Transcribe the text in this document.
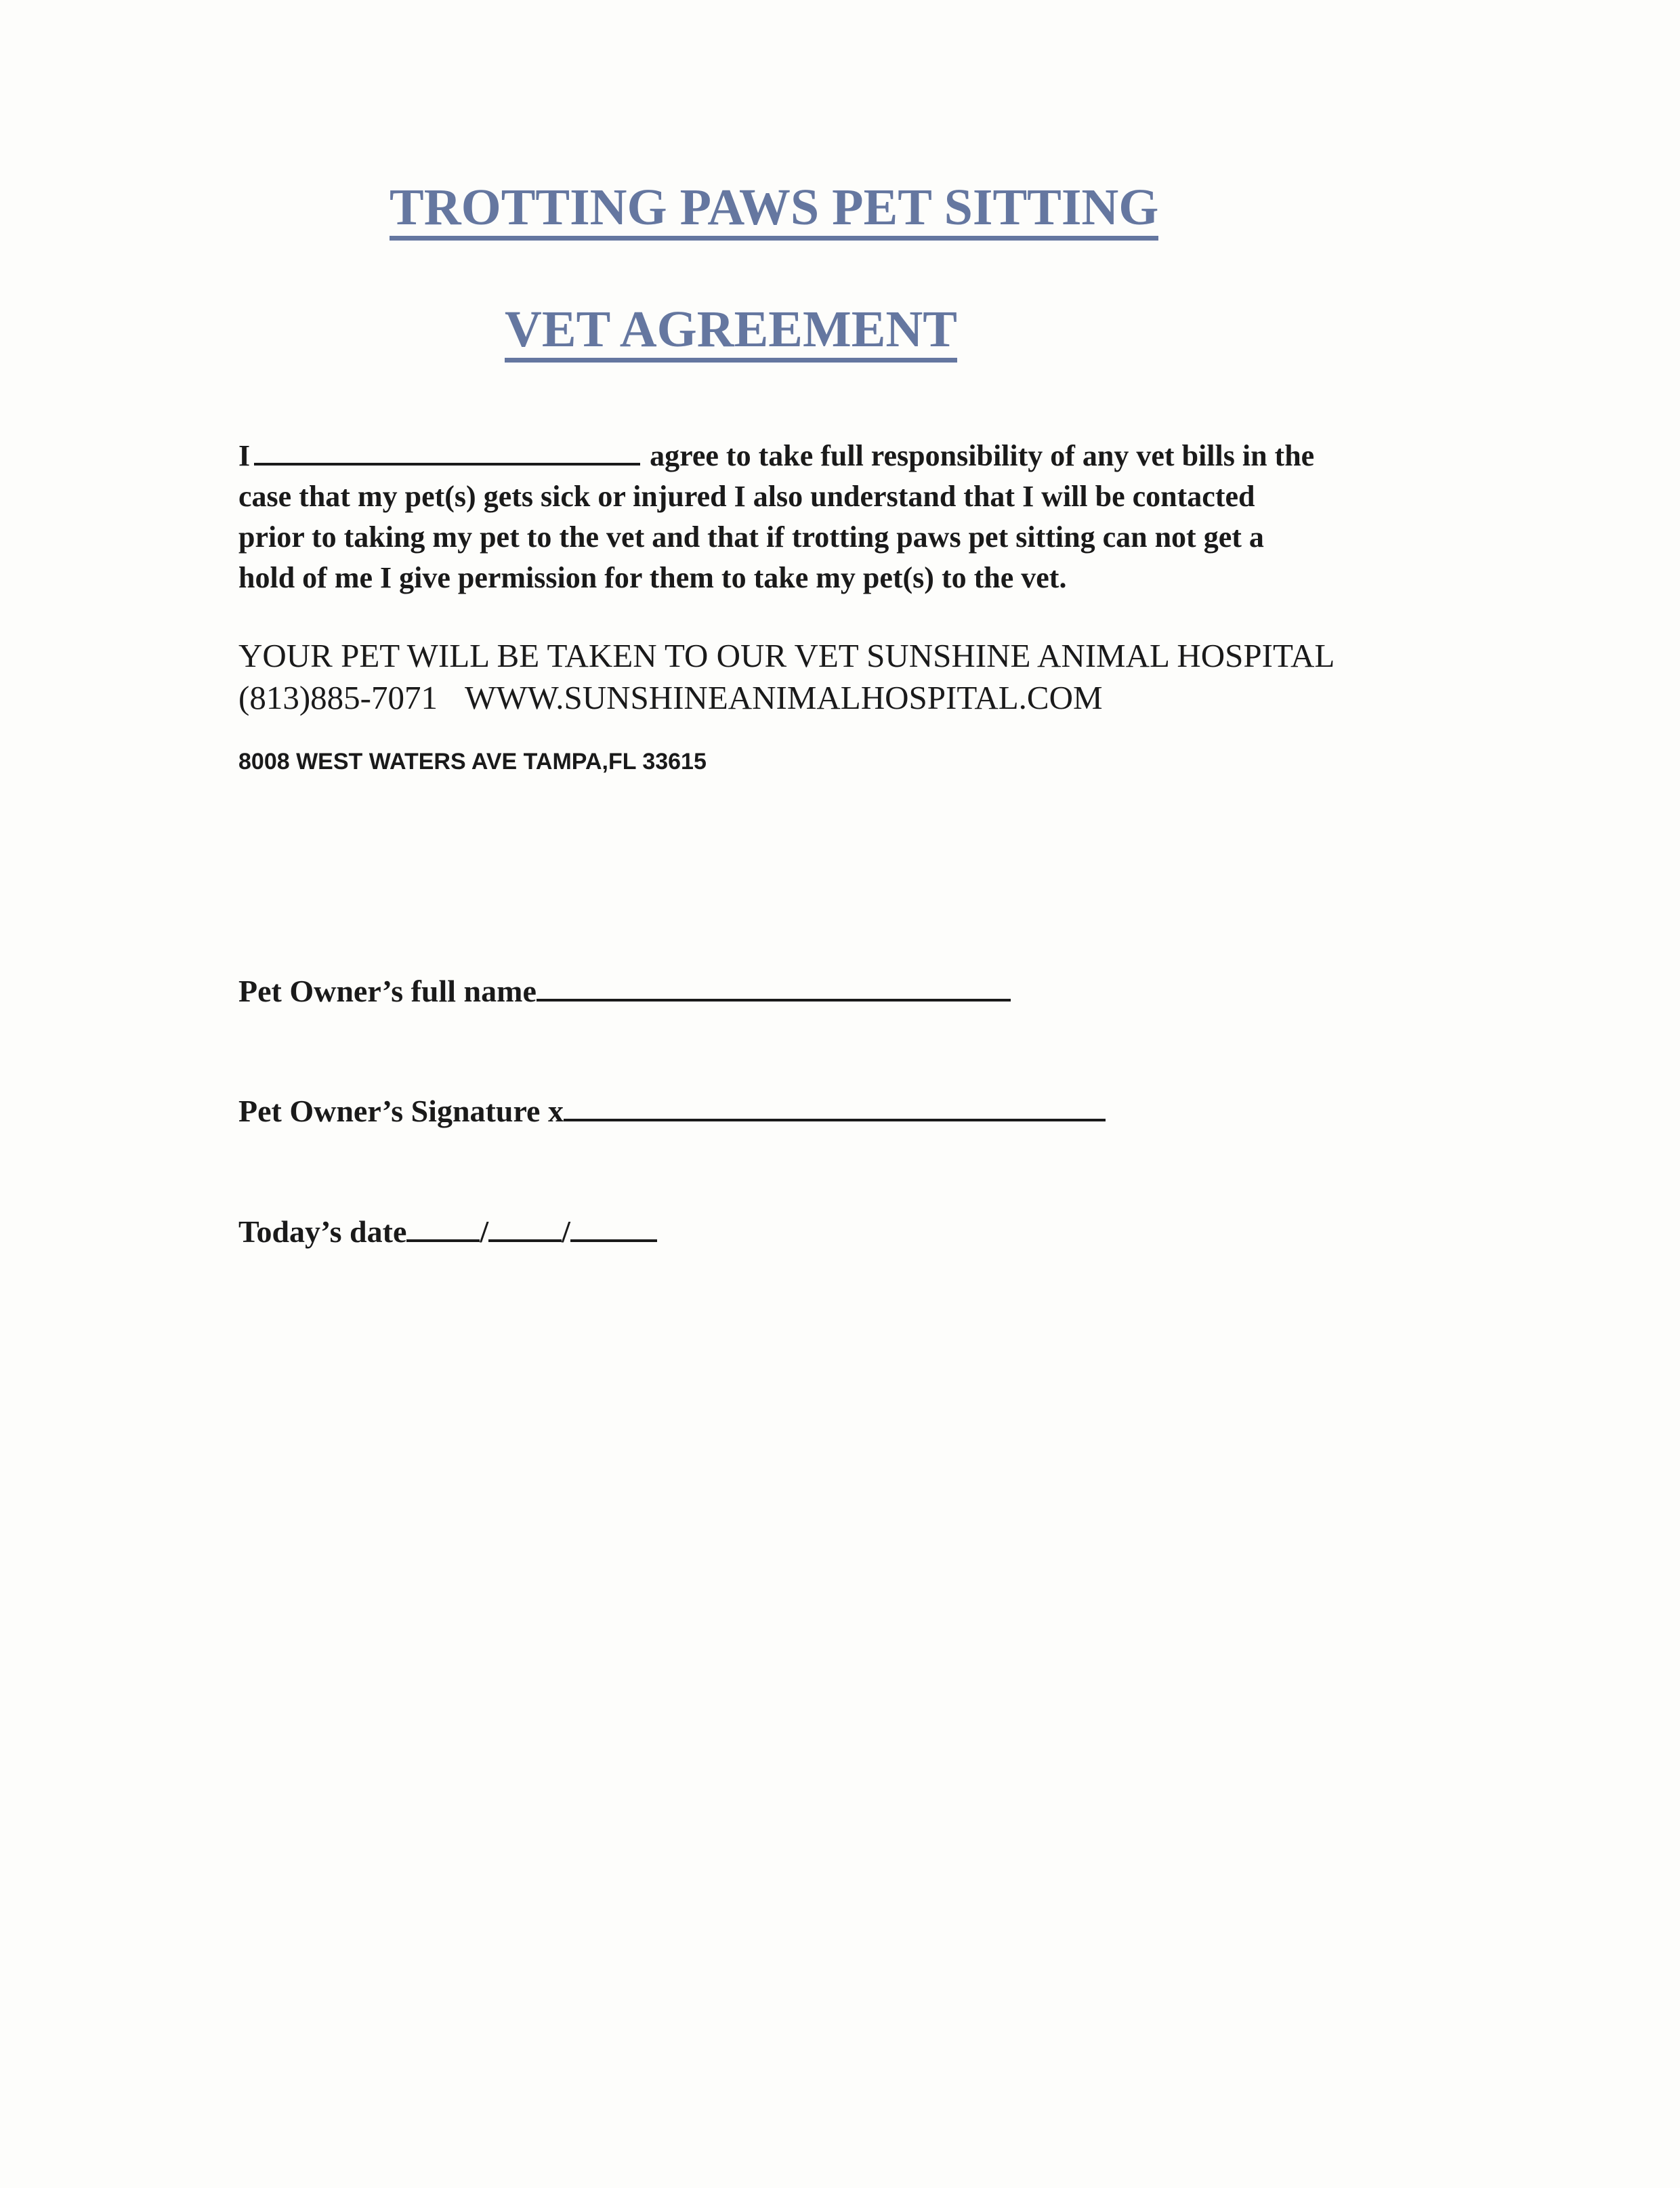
TROTTING PAWS PET SITTING
VET AGREEMENT

I	agree to take full responsibility of any vet bills in the
case that my pet(s) gets sick or injured I also understand that I will be contacted
prior to taking my pet to the vet and that if trotting paws pet sitting can not get a
hold of me I give permission for them to take my pet(s) to the vet.

YOUR PET WILL BE TAKEN TO OUR VET SUNSHINE ANIMAL HOSPITAL
(813)885-7071 WWW.SUNSHINEANIMALHOSPITAL.COM

8008 WEST WATERS AVE TAMPA,FL 33615

Pet Owner’s full name

Pet Owner’s Signature x

Today’s date / /
